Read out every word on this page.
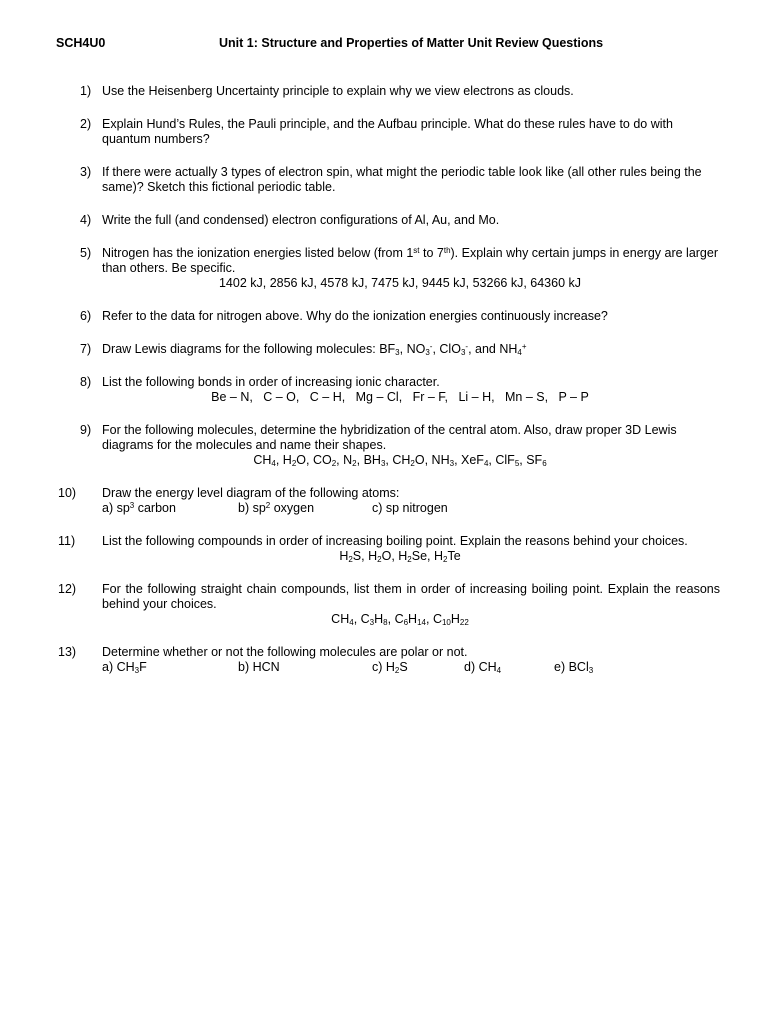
SCH4U0	Unit 1: Structure and Properties of Matter Unit Review Questions
1) Use the Heisenberg Uncertainty principle to explain why we view electrons as clouds.
2) Explain Hund’s Rules, the Pauli principle, and the Aufbau principle. What do these rules have to do with quantum numbers?
3) If there were actually 3 types of electron spin, what might the periodic table look like (all other rules being the same)? Sketch this fictional periodic table.
4) Write the full (and condensed) electron configurations of Al, Au, and Mo.
5) Nitrogen has the ionization energies listed below (from 1st to 7th). Explain why certain jumps in energy are larger than others. Be specific.
1402 kJ, 2856 kJ, 4578 kJ, 7475 kJ, 9445 kJ, 53266 kJ, 64360 kJ
6) Refer to the data for nitrogen above. Why do the ionization energies continuously increase?
7) Draw Lewis diagrams for the following molecules: $BF_3$, $NO_3^-$, ClO$_3$-, and $NH_4^+$
8) List the following bonds in order of increasing ionic character.
Be – N,   C – O,   C – H,   Mg – Cl,   Fr – F,   Li – H,   Mn – S,   P – P
9) For the following molecules, determine the hybridization of the central atom. Also, draw proper 3D Lewis diagrams for the molecules and name their shapes.
$CH_4$, $H_2O$, $CO_2$, $N_2$, $BH_3$, $CH_2O$, $NH_3$, XeF$_4$, ClF$_5$, $SF_6$
10) Draw the energy level diagram of the following atoms:
a) $sp^3$ carbon	b) $sp^2$ oxygen	c) sp nitrogen
11) List the following compounds in order of increasing boiling point. Explain the reasons behind your choices.
$H_2S$, $H_2O$, $H_2Se$, $H_2Te$
12) For the following straight chain compounds, list them in order of increasing boiling point. Explain the reasons behind your choices.
$CH_4$, $C_3H_8$, $C_6H_{14}$, $C_{10}H_{22}$
13) Determine whether or not the following molecules are polar or not.
a) $CH_3F$	b) HCN	c) $H_2S$	d) $CH_4$	e) BCl$_3$
